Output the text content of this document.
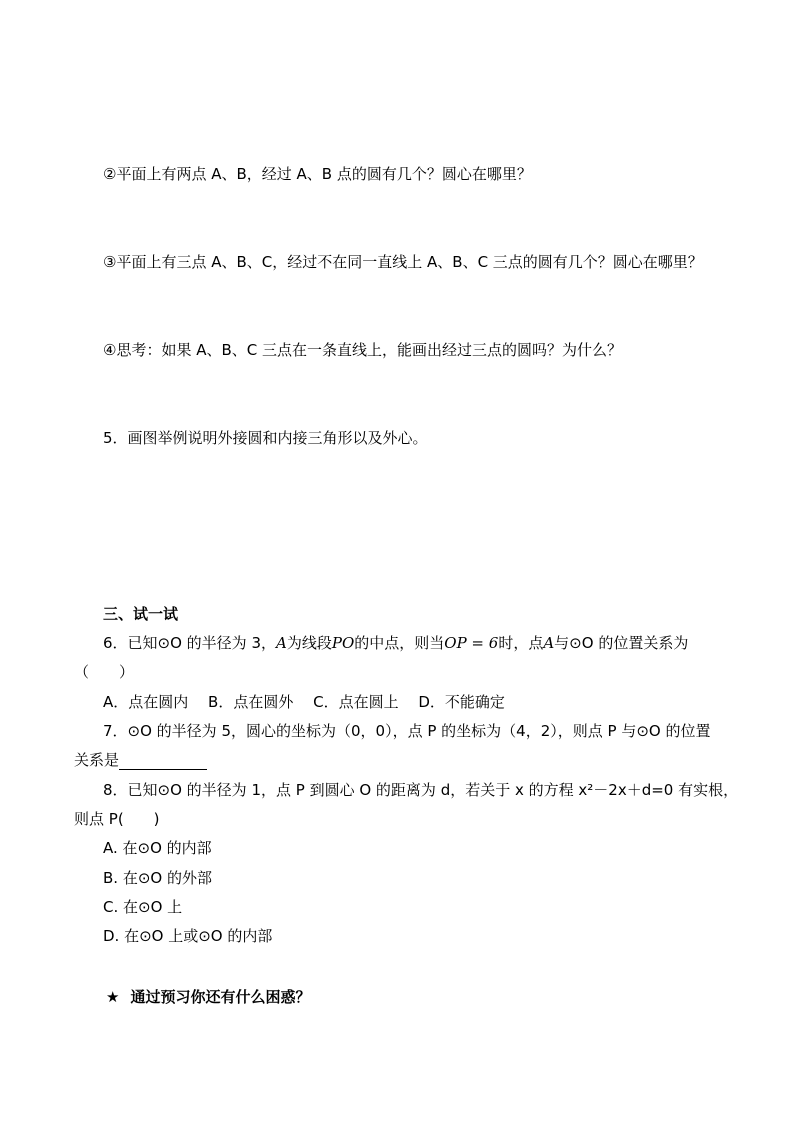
②平面上有两点 A、B，经过 A、B 点的圆有几个？圆心在哪里？
③平面上有三点 A、B、C，经过不在同一直线上 A、B、C 三点的圆有几个？圆心在哪里？
④思考：如果 A、B、C 三点在一条直线上，能画出经过三点的圆吗？为什么？
5．画图举例说明外接圆和内接三角形以及外心。
三、试一试
6．已知⊙O 的半径为 3，A为线段PO的中点，则当OP = 6时，点A与⊙O 的位置关系为
（　　）
A．点在圆内　 B．点在圆外　 C．点在圆上　 D．不能确定
7．⊙O 的半径为 5，圆心的坐标为（0，0），点 P 的坐标为（4，2），则点 P 与⊙O 的位置
关系是
8．已知⊙O 的半径为 1，点 P 到圆心 O 的距离为 d，若关于 x 的方程 x²－2x＋d=0 有实根，
则点 P(　　)
A. 在⊙O 的内部
B. 在⊙O 的外部
C. 在⊙O 上
D. 在⊙O 上或⊙O 的内部
★ 通过预习你还有什么困惑？
